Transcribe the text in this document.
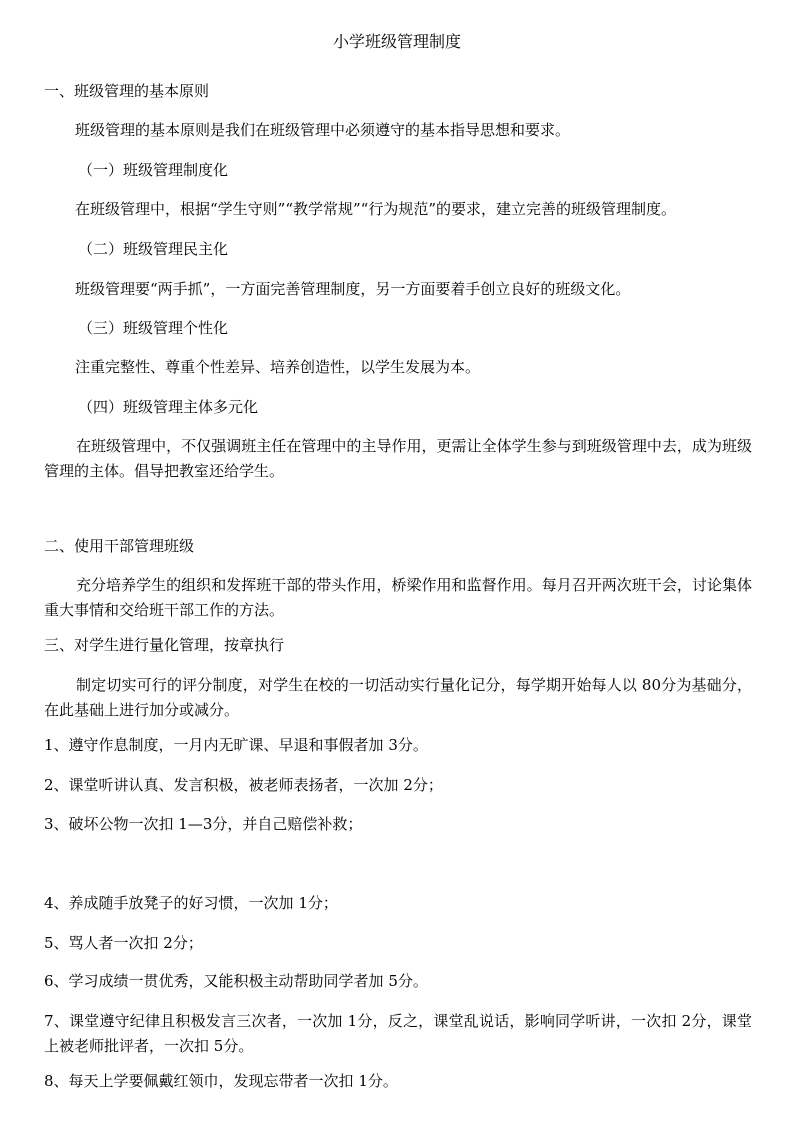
小学班级管理制度
一、班级管理的基本原则
班级管理的基本原则是我们在班级管理中必须遵守的基本指导思想和要求。
（一）班级管理制度化
在班级管理中，根据“学生守则”“教学常规”“行为规范”的要求，建立完善的班级管理制度。
（二）班级管理民主化
班级管理要“两手抓”，一方面完善管理制度，另一方面要着手创立良好的班级文化。
（三）班级管理个性化
注重完整性、尊重个性差异、培养创造性，以学生发展为本。
（四）班级管理主体多元化
在班级管理中，不仅强调班主任在管理中的主导作用，更需让全体学生参与到班级管理中去，成为班级管理的主体。倡导把教室还给学生。
二、使用干部管理班级
充分培养学生的组织和发挥班干部的带头作用，桥梁作用和监督作用。每月召开两次班干会，讨论集体重大事情和交给班干部工作的方法。
三、对学生进行量化管理，按章执行
制定切实可行的评分制度，对学生在校的一切活动实行量化记分，每学期开始每人以 80分为基础分，在此基础上进行加分或减分。
1、遵守作息制度，一月内无旷课、早退和事假者加 3分。
2、课堂听讲认真、发言积极，被老师表扬者，一次加 2分；
3、破坏公物一次扣 1—3分，并自己赔偿补救；
4、养成随手放凳子的好习惯，一次加 1分；
5、骂人者一次扣 2分；
6、学习成绩一贯优秀，又能积极主动帮助同学者加 5分。
7、课堂遵守纪律且积极发言三次者，一次加 1分，反之，课堂乱说话，影响同学听讲，一次扣 2分，课堂上被老师批评者，一次扣 5分。
8、每天上学要佩戴红领巾，发现忘带者一次扣 1分。
